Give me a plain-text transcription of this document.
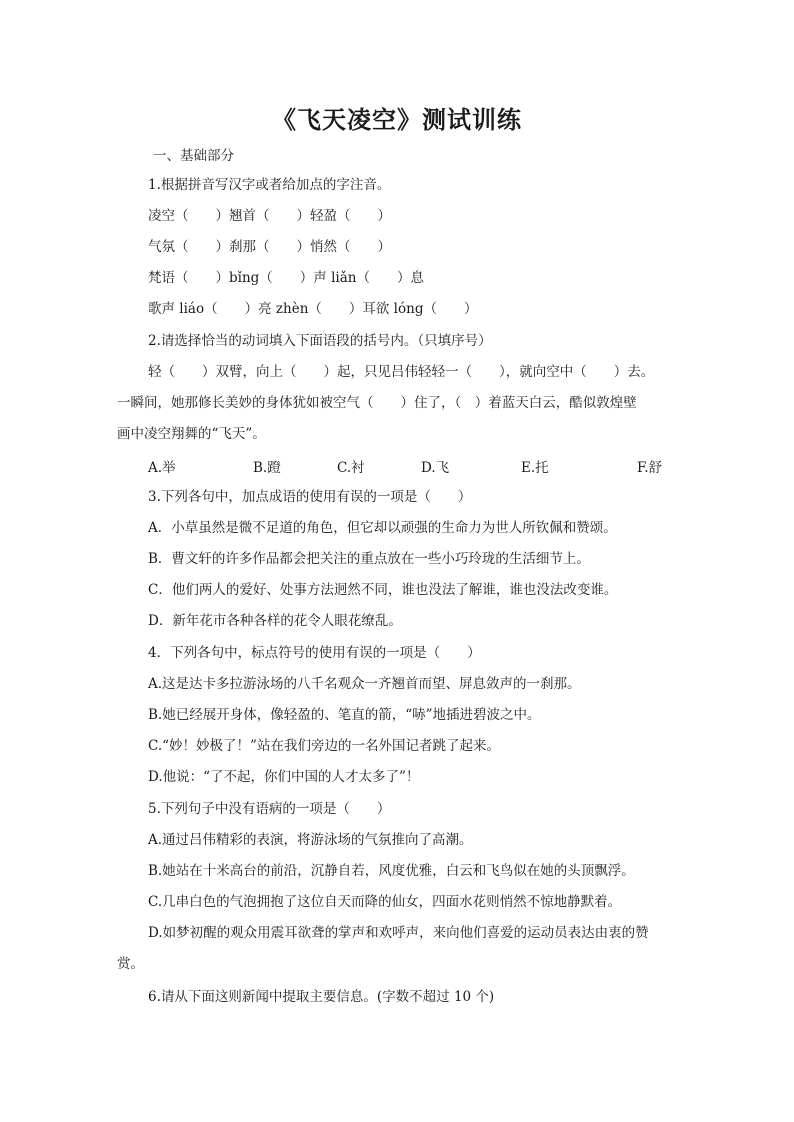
《飞天凌空》测试训练
一、基础部分
1.根据拼音写汉字或者给加点的字注音。
凌空（　　）翘首（　　）轻盈（　　）
气氛（　　）刹那（　　）悄然（　　）
梵语（　　）bǐng（　　）声 liǎn（　　）息
歌声 liáo（　　）亮 zhèn（　　）耳欲 lóng（　　）
2.请选择恰当的动词填入下面语段的括号内。（只填序号）
轻（　　）双臂，向上（　　）起，只见吕伟轻轻一（　　），就向空中（　　）去。
一瞬间，她那修长美妙的身体犹如被空气（　　）住了，（　）着蓝天白云，酷似敦煌壁
画中凌空翔舞的“飞天”。
A.举	B.蹬	C.衬	D.飞	E.托	F.舒
3.下列各句中，加点成语的使用有误的一项是（　　）
A．小草虽然是微不足道的角色，但它却以顽强的生命力为世人所钦佩和赞颂。
B．曹文轩的许多作品都会把关注的重点放在一些小巧玲珑的生活细节上。
C．他们两人的爱好、处事方法迥然不同，谁也没法了解谁，谁也没法改变谁。
D．新年花市各种各样的花令人眼花缭乱。
4．下列各句中，标点符号的使用有误的一项是（　　）
A.这是达卡多拉游泳场的八千名观众一齐翘首而望、屏息敛声的一刹那。
B.她已经展开身体，像轻盈的、笔直的箭，“哧”地插进碧波之中。
C.“妙！妙极了！”站在我们旁边的一名外国记者跳了起来。
D.他说：“了不起，你们中国的人才太多了”！
5.下列句子中没有语病的一项是（　　）
A.通过吕伟精彩的表演，将游泳场的气氛推向了高潮。
B.她站在十米高台的前沿，沉静自若，风度优雅，白云和飞鸟似在她的头顶飘浮。
C.几串白色的气泡拥抱了这位自天而降的仙女，四面水花则悄然不惊地静默着。
D.如梦初醒的观众用震耳欲聋的掌声和欢呼声，来向他们喜爱的运动员表达由衷的赞
赏。
6.请从下面这则新闻中提取主要信息。(字数不超过 10 个)
